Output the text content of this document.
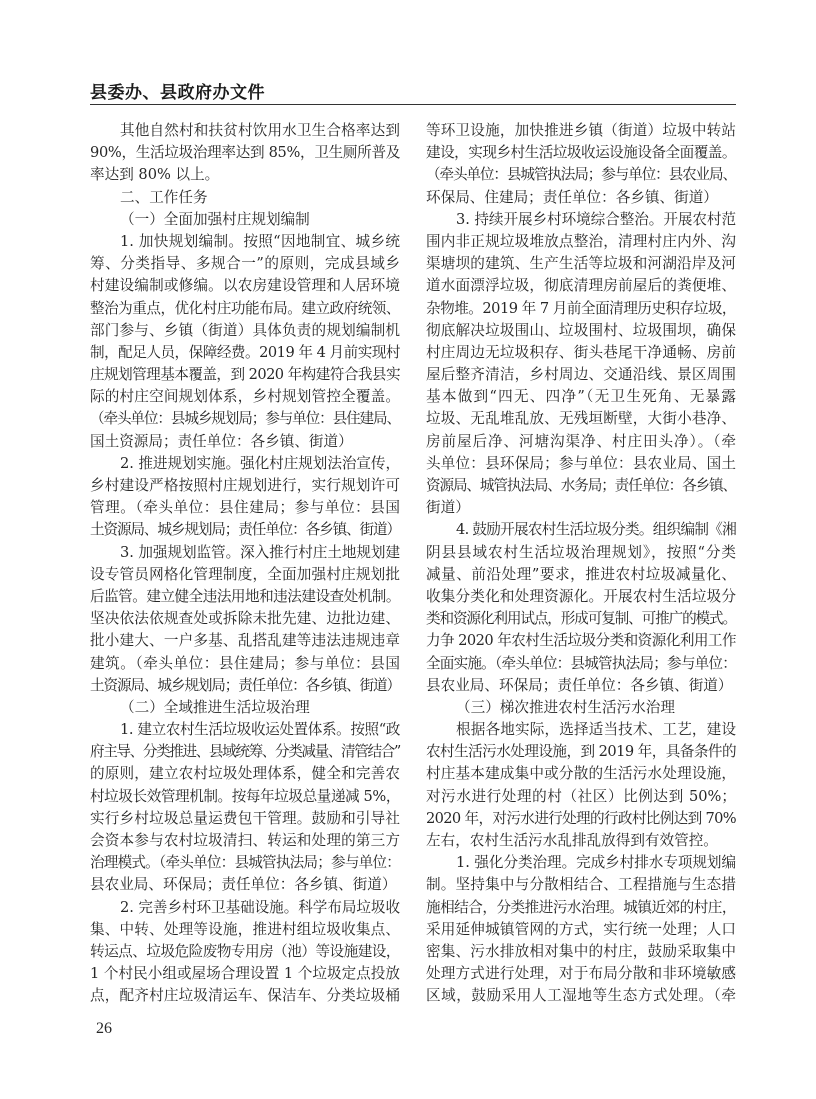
县委办、县政府办文件
其他自然村和扶贫村饮用水卫生合格率达到
90%，生活垃圾治理率达到 85%，卫生厕所普及
率达到 80% 以上。
二、工作任务
（一）全面加强村庄规划编制
1. 加快规划编制。按照“因地制宜、城乡统
筹、分类指导、多规合一”的原则，完成县域乡
村建设编制或修编。以农房建设管理和人居环境
整治为重点，优化村庄功能布局。建立政府统领、
部门参与、乡镇（街道）具体负责的规划编制机
制，配足人员，保障经费。2019 年 4 月前实现村
庄规划管理基本覆盖，到 2020 年构建符合我县实
际的村庄空间规划体系，乡村规划管控全覆盖。
（牵头单位：县城乡规划局；参与单位：县住建局、
国土资源局；责任单位：各乡镇、街道）
2. 推进规划实施。强化村庄规划法治宣传，
乡村建设严格按照村庄规划进行，实行规划许可
管理。（牵头单位：县住建局；参与单位：县国
土资源局、城乡规划局；责任单位：各乡镇、街道）
3. 加强规划监管。深入推行村庄土地规划建
设专管员网格化管理制度，全面加强村庄规划批
后监管。建立健全违法用地和违法建设查处机制。
坚决依法依规查处或拆除未批先建、边批边建、
批小建大、一户多基、乱搭乱建等违法违规违章
建筑。（牵头单位：县住建局；参与单位：县国
土资源局、城乡规划局；责任单位：各乡镇、街道）
（二）全域推进生活垃圾治理
1. 建立农村生活垃圾收运处置体系。按照“政
府主导、分类推进、县域统筹、分类减量、清管结合”
的原则，建立农村垃圾处理体系，健全和完善农
村垃圾长效管理机制。按每年垃圾总量递减 5%，
实行乡村垃圾总量运费包干管理。鼓励和引导社
会资本参与农村垃圾清扫、转运和处理的第三方
治理模式。（牵头单位：县城管执法局；参与单位：
县农业局、环保局；责任单位：各乡镇、街道）
2. 完善乡村环卫基础设施。科学布局垃圾收
集、中转、处理等设施，推进村组垃圾收集点、
转运点、垃圾危险废物专用房（池）等设施建设，
1 个村民小组或屋场合理设置 1 个垃圾定点投放
点，配齐村庄垃圾清运车、保洁车、分类垃圾桶
等环卫设施，加快推进乡镇（街道）垃圾中转站
建设，实现乡村生活垃圾收运设施设备全面覆盖。
（牵头单位：县城管执法局；参与单位：县农业局、
环保局、住建局；责任单位：各乡镇、街道）
3. 持续开展乡村环境综合整治。开展农村范
围内非正规垃圾堆放点整治，清理村庄内外、沟
渠塘坝的建筑、生产生活等垃圾和河湖沿岸及河
道水面漂浮垃圾，彻底清理房前屋后的粪便堆、
杂物堆。2019 年 7 月前全面清理历史积存垃圾，
彻底解决垃圾围山、垃圾围村、垃圾围坝，确保
村庄周边无垃圾积存、街头巷尾干净通畅、房前
屋后整齐清洁，乡村周边、交通沿线、景区周围
基本做到“四无、四净”（无卫生死角、无暴露
垃圾、无乱堆乱放、无残垣断壁，大街小巷净、
房前屋后净、河塘沟渠净、村庄田头净）。（牵
头单位：县环保局；参与单位：县农业局、国土
资源局、城管执法局、水务局；责任单位：各乡镇、
街道）
4. 鼓励开展农村生活垃圾分类。组织编制《湘
阴县县域农村生活垃圾治理规划》，按照“分类
减量、前沿处理”要求，推进农村垃圾减量化、
收集分类化和处理资源化。开展农村生活垃圾分
类和资源化利用试点，形成可复制、可推广的模式。
力争 2020 年农村生活垃圾分类和资源化利用工作
全面实施。（牵头单位：县城管执法局；参与单位：
县农业局、环保局；责任单位：各乡镇、街道）
（三）梯次推进农村生活污水治理
根据各地实际，选择适当技术、工艺，建设
农村生活污水处理设施，到 2019 年，具备条件的
村庄基本建成集中或分散的生活污水处理设施，
对污水进行处理的村（社区）比例达到 50%；
2020 年，对污水进行处理的行政村比例达到 70%
左右，农村生活污水乱排乱放得到有效管控。
1. 强化分类治理。完成乡村排水专项规划编
制。坚持集中与分散相结合、工程措施与生态措
施相结合，分类推进污水治理。城镇近郊的村庄，
采用延伸城镇管网的方式，实行统一处理；人口
密集、污水排放相对集中的村庄，鼓励采取集中
处理方式进行处理，对于布局分散和非环境敏感
区域，鼓励采用人工湿地等生态方式处理。（牵
26
